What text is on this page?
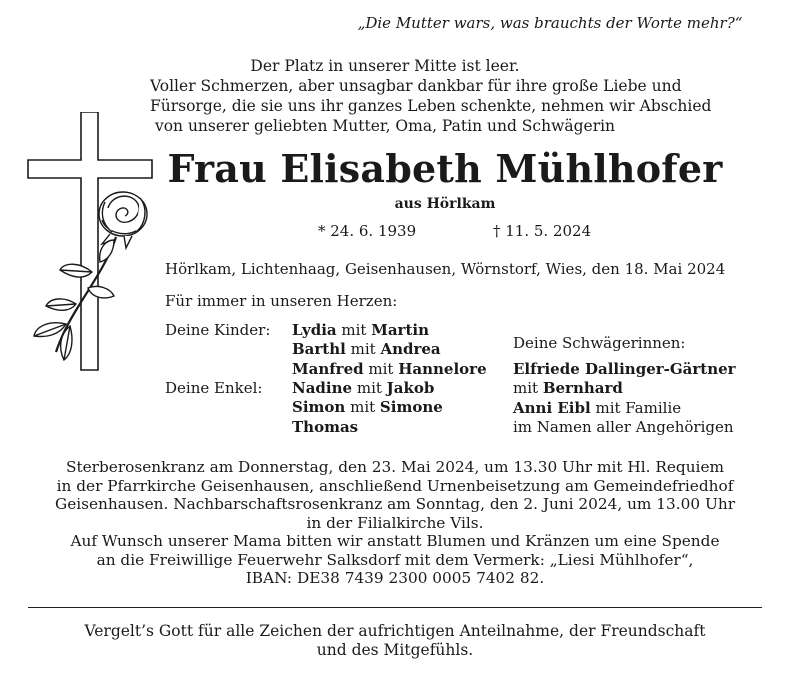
„Die Mutter wars, was brauchts der Worte mehr?“
Der Platz in unserer Mitte ist leer.
Voller Schmerzen, aber unsagbar dankbar für ihre große Liebe und
Fürsorge, die sie uns ihr ganzes Leben schenkte, nehmen wir Abschied
von unserer geliebten Mutter, Oma, Patin und Schwägerin
Frau Elisabeth Mühlhofer
aus Hörlkam
* 24. 6. 1939	† 11. 5. 2024
Hörlkam, Lichtenhaag, Geisenhausen, Wörnstorf, Wies, den 18. Mai 2024
Für immer in unseren Herzen:
Deine Kinder: Lydia mit Martin
Barthl mit Andrea
Manfred mit Hannelore
Deine Enkel: Nadine mit Jakob
Simon mit Simone
Thomas
Deine Schwägerinnen:
Elfriede Dallinger-Gärtner
mit Bernhard
Anni Eibl mit Familie
im Namen aller Angehörigen
Sterberosenkranz am Donnerstag, den 23. Mai 2024, um 13.30 Uhr mit Hl. Requiem
in der Pfarrkirche Geisenhausen, anschließend Urnenbeisetzung am Gemeindefriedhof
Geisenhausen. Nachbarschaftsrosenkranz am Sonntag, den 2. Juni 2024, um 13.00 Uhr
in der Filialkirche Vils.
Auf Wunsch unserer Mama bitten wir anstatt Blumen und Kränzen um eine Spende
an die Freiwillige Feuerwehr Salksdorf mit dem Vermerk: „Liesi Mühlhofer“,
IBAN: DE38 7439 2300 0005 7402 82.
Vergelt’s Gott für alle Zeichen der aufrichtigen Anteilnahme, der Freundschaft
und des Mitgefühls.
